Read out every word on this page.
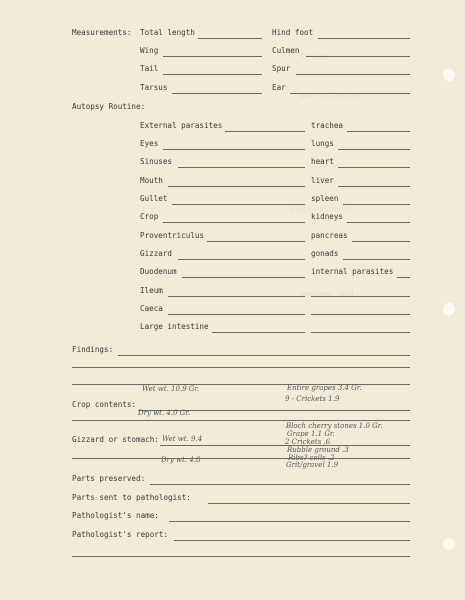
Species:
Date collected:
Place collected:
Specimen sent:
Measurements: Total length
Wing
Tail
Tarsus
Hind foot
Culmen
Spur
Ear
Autopsy Routine:
External parasites
Eyes
Sinuses
Mouth
Gullet
Crop
Proventriculus
Gizzard
Duodenum
Ileum
Caeca
Large intestine
trachea
lungs
heart
liver
spleen
kidneys
pancreas
gonads
internal parasites
Findings:
Wet wt. 10.9 Gr.	Entire grapes 3.4 Gr.
Crop contents:
9 - Crickets 1.9
Dry wt. 4.0 Gr.
Bloch cherry stones 1.0 Gr.
Grape 1.1 Gr.
Gizzard or stomach: Wet wt. 9.4	2 Crickets .6
Rubble ground .3
Ribs? cells .2
Dry wt. 4.8
Grit/gravel 1.9
Parts preserved:
Parts sent to pathologist:
Pathologist's name:
Pathologist's report:
